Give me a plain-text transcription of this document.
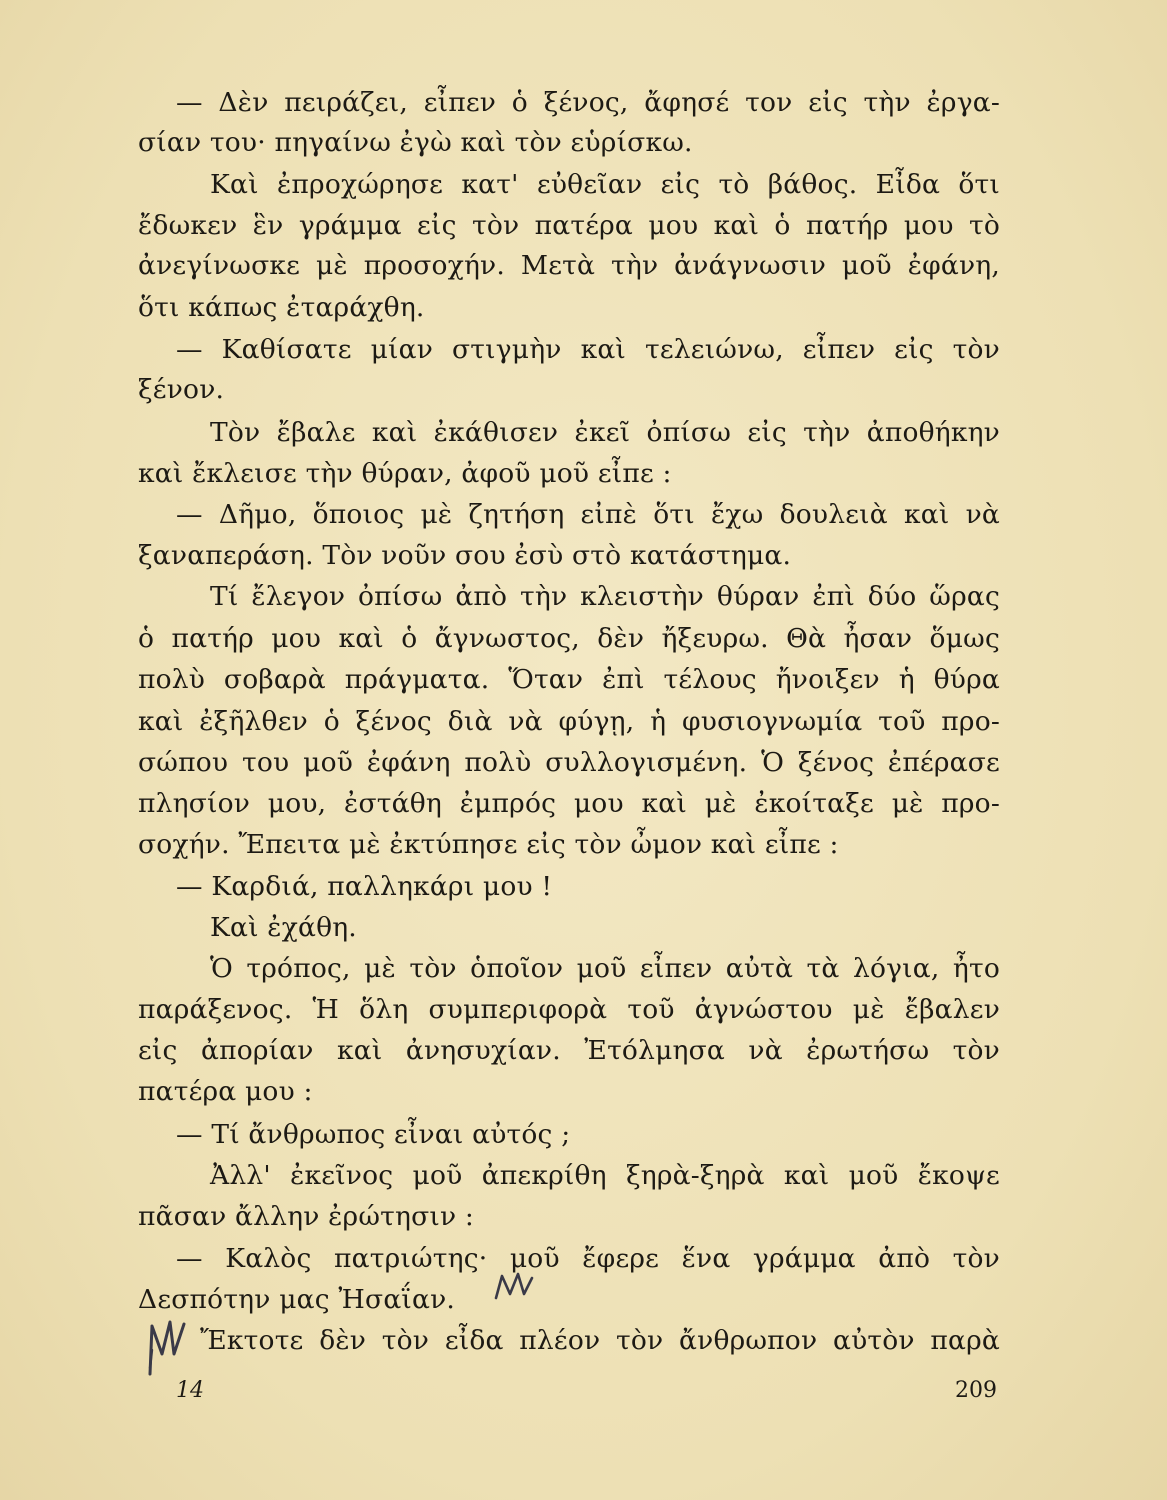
— Δὲν πειράζει, εἶπεν ὁ ξένος, ἄφησέ τον εἰς τὴν ἐργα-
σίαν του· πηγαίνω ἐγὼ καὶ τὸν εὑρίσκω.
Καὶ ἐπροχώρησε κατ' εὐθεῖαν εἰς τὸ βάθος. Εἶδα ὅτι
ἔδωκεν ἓν γράμμα εἰς τὸν πατέρα μου καὶ ὁ πατήρ μου τὸ
ἀνεγίνωσκε μὲ προσοχήν. Μετὰ τὴν ἀνάγνωσιν μοῦ ἐφάνη,
ὅτι κάπως ἐταράχθη.
— Καθίσατε μίαν στιγμὴν καὶ τελειώνω, εἶπεν εἰς τὸν
ξένον.
Τὸν ἔβαλε καὶ ἐκάθισεν ἐκεῖ ὀπίσω εἰς τὴν ἀποθήκην
καὶ ἔκλεισε τὴν θύραν, ἀφοῦ μοῦ εἶπε :
— Δῆμο, ὅποιος μὲ ζητήση εἰπὲ ὅτι ἔχω δουλειὰ καὶ νὰ
ξαναπεράση. Τὸν νοῦν σου ἐσὺ στὸ κατάστημα.
Τί ἔλεγον ὀπίσω ἀπὸ τὴν κλειστὴν θύραν ἐπὶ δύο ὥρας
ὁ πατήρ μου καὶ ὁ ἄγνωστος, δὲν ἤξευρω. Θὰ ἦσαν ὅμως
πολὺ σοβαρὰ πράγματα. Ὅταν ἐπὶ τέλους ἤνοιξεν ἡ θύρα
καὶ ἐξῆλθεν ὁ ξένος διὰ νὰ φύγῃ, ἡ φυσιογνωμία τοῦ προ-
σώπου του μοῦ ἐφάνη πολὺ συλλογισμένη. Ὁ ξένος ἐπέρασε
πλησίον μου, ἐστάθη ἐμπρός μου καὶ μὲ ἐκοίταξε μὲ προ-
σοχήν. Ἔπειτα μὲ ἐκτύπησε εἰς τὸν ὦμον καὶ εἶπε :
— Καρδιά, παλληκάρι μου !
Καὶ ἐχάθη.
Ὁ τρόπος, μὲ τὸν ὁποῖον μοῦ εἶπεν αὐτὰ τὰ λόγια, ἦτο
παράξενος. Ἡ ὅλη συμπεριφορὰ τοῦ ἀγνώστου μὲ ἔβαλεν
εἰς ἀπορίαν καὶ ἀνησυχίαν. Ἐτόλμησα νὰ ἐρωτήσω τὸν
πατέρα μου :
— Τί ἄνθρωπος εἶναι αὐτός ;
Ἀλλ' ἐκεῖνος μοῦ ἀπεκρίθη ξηρὰ-ξηρὰ καὶ μοῦ ἔκοψε
πᾶσαν ἄλλην ἐρώτησιν :
— Καλὸς πατριώτης· μοῦ ἔφερε ἕνα γράμμα ἀπὸ τὸν
Δεσπότην μας Ἠσαΐαν.
Ἔκτοτε δὲν τὸν εἶδα πλέον τὸν ἄνθρωπον αὐτὸν παρὰ
14	209
